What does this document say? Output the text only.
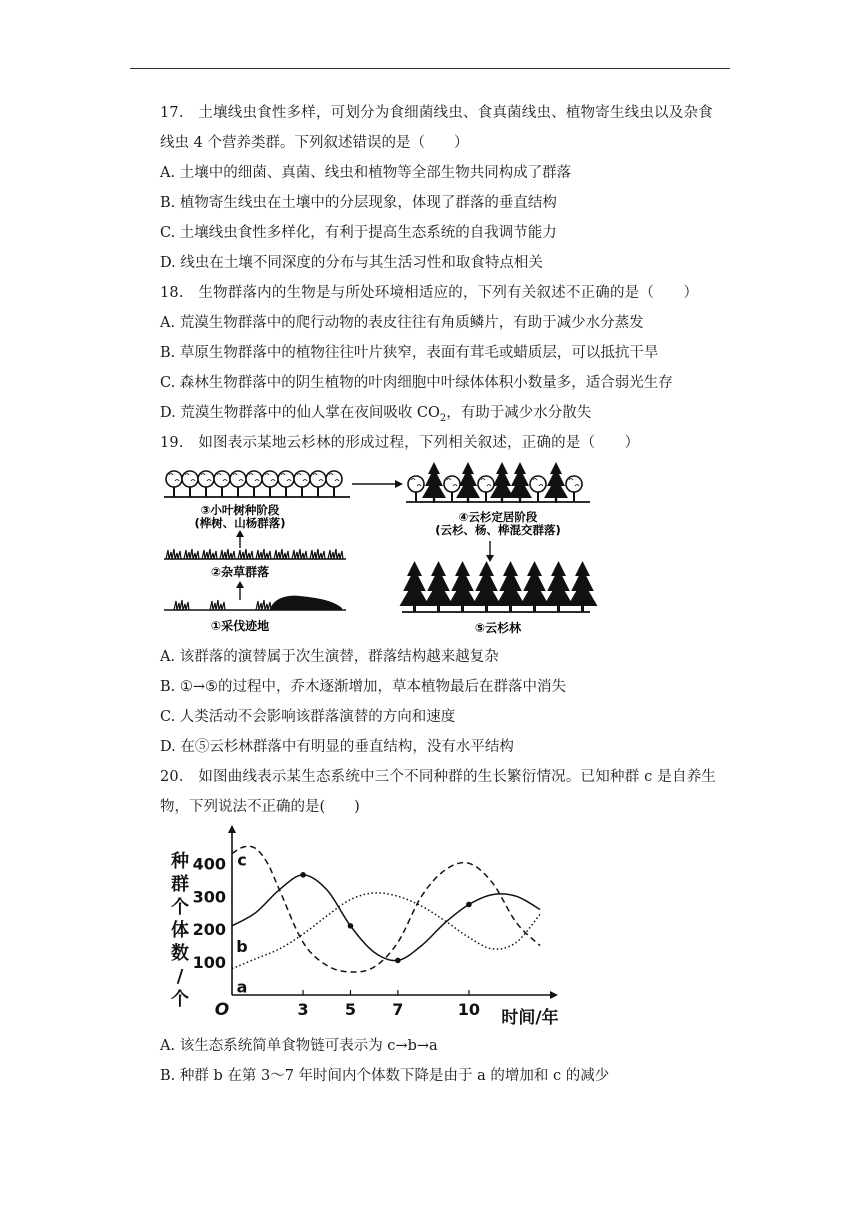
17.　土壤线虫食性多样，可划分为食细菌线虫、食真菌线虫、植物寄生线虫以及杂食
线虫 4 个营养类群。下列叙述错误的是（　　）
A. 土壤中的细菌、真菌、线虫和植物等全部生物共同构成了群落
B. 植物寄生线虫在土壤中的分层现象，体现了群落的垂直结构
C. 土壤线虫食性多样化，有利于提高生态系统的自我调节能力
D. 线虫在土壤不同深度的分布与其生活习性和取食特点相关
18.　生物群落内的生物是与所处环境相适应的，下列有关叙述不正确的是（　　）
A. 荒漠生物群落中的爬行动物的表皮往往有角质鳞片，有助于减少水分蒸发
B. 草原生物群落中的植物往往叶片狭窄，表面有茸毛或蜡质层，可以抵抗干旱
C. 森林生物群落中的阴生植物的叶肉细胞中叶绿体体积小数量多，适合弱光生存
D. 荒漠生物群落中的仙人掌在夜间吸收 $CO_2$，有助于减少水分散失
19.　如图表示某地云杉林的形成过程，下列相关叙述，正确的是（　　）
③小叶树种阶段
(桦树、山杨群落)
②杂草群落
①采伐迹地
④云杉定居阶段
(云杉、杨、桦混交群落)
⑤云杉林
A. 该群落的演替属于次生演替，群落结构越来越复杂
B. ①→⑤的过程中，乔木逐渐增加，草本植物最后在群落中消失
C. 人类活动不会影响该群落演替的方向和速度
D. 在⑤云杉林群落中有明显的垂直结构，没有水平结构
20.　如图曲线表示某生态系统中三个不同种群的生长繁衍情况。已知种群 c 是自养生
物，下列说法不正确的是(　　)
种
群
个
体
数
/
个
100
200
300
400
3 5 7	10
O	时间/年
c
b
a
A. 该生态系统简单食物链可表示为 c→b→a
B. 种群 b 在第 3～7 年时间内个体数下降是由于 a 的增加和 c 的减少
